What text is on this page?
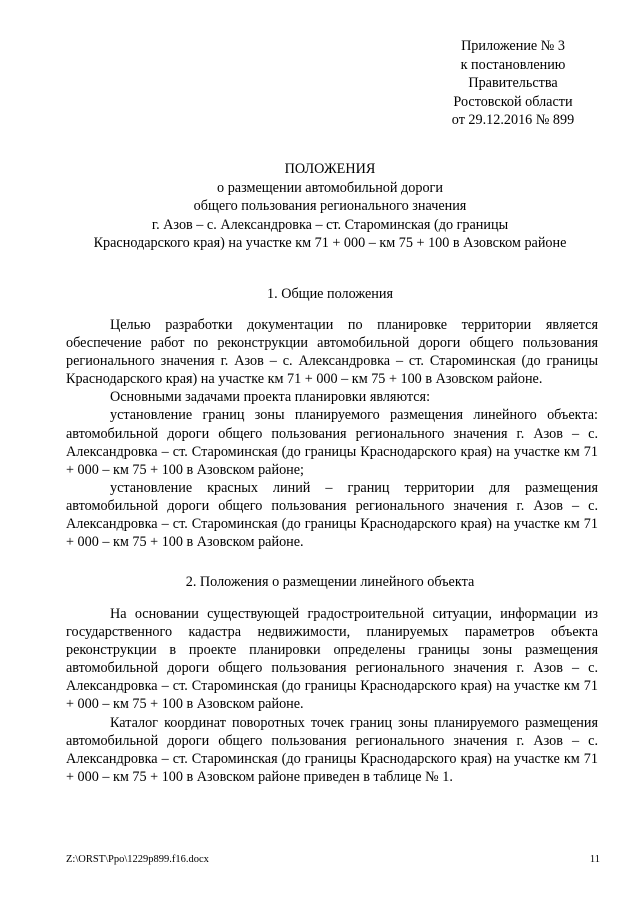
Приложение № 3
к постановлению
Правительства
Ростовской области
от 29.12.2016 № 899
ПОЛОЖЕНИЯ
о размещении автомобильной дороги
общего пользования регионального значения
г. Азов – с. Александровка – ст. Староминская (до границы
Краснодарского края) на участке км 71 + 000 – км 75 + 100 в Азовском районе
1. Общие положения

Целью разработки документации по планировке территории является обеспечение работ по реконструкции автомобильной дороги общего пользования регионального значения г. Азов – с. Александровка – ст. Староминская (до границы Краснодарского края) на участке км 71 + 000 – км 75 + 100 в Азовском районе.

Основными задачами проекта планировки являются:

установление границ зоны планируемого размещения линейного объекта: автомобильной дороги общего пользования регионального значения г. Азов – с. Александровка – ст. Староминская (до границы Краснодарского края) на участке км 71 + 000 – км 75 + 100 в Азовском районе;

установление красных линий – границ территории для размещения автомобильной дороги общего пользования регионального значения г. Азов – с. Александровка – ст. Староминская (до границы Краснодарского края) на участке км 71 + 000 – км 75 + 100 в Азовском районе.

2. Положения о размещении линейного объекта

На основании существующей градостроительной ситуации, информации из государственного кадастра недвижимости, планируемых параметров объекта реконструкции в проекте планировки определены границы зоны размещения автомобильной дороги общего пользования регионального значения г. Азов – с. Александровка – ст. Староминская (до границы Краснодарского края) на участке км 71 + 000 – км 75 + 100 в Азовском районе.

Каталог координат поворотных точек границ зоны планируемого размещения автомобильной дороги общего пользования регионального значения г. Азов – с. Александровка – ст. Староминская (до границы Краснодарского края) на участке км 71 + 000 – км 75 + 100 в Азовском районе приведен в таблице № 1.

Z:\ORST\Ppo\1229p899.f16.docx	11
